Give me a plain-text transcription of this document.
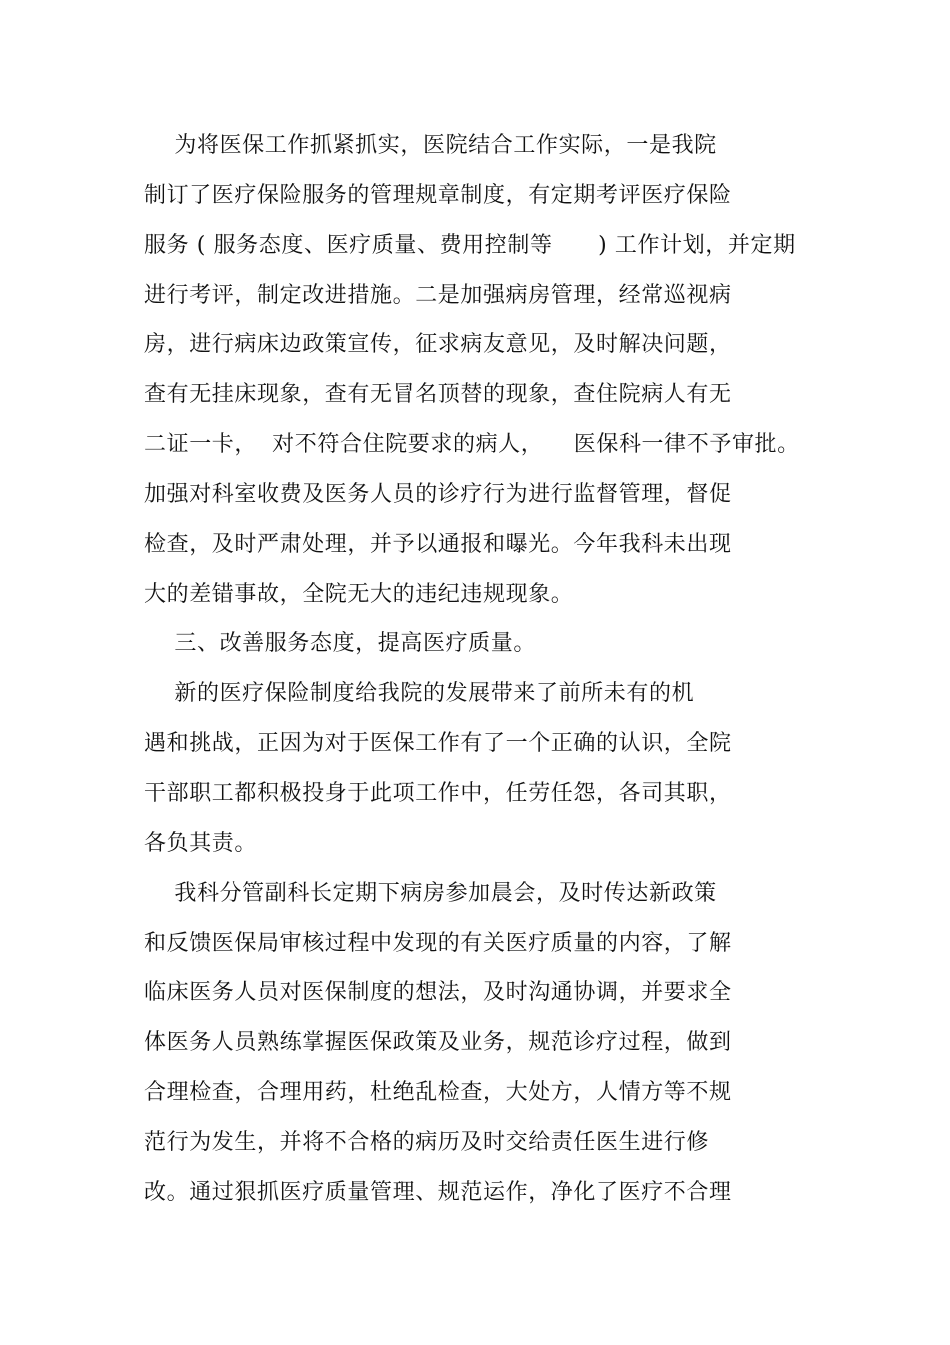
为将医保工作抓紧抓实，医院结合工作实际，一是我院
制订了医疗保险服务的管理规章制度，有定期考评医疗保险
服务 ( 服务态度、医疗质量、费用控制等      ) 工作计划，并定期
进行考评，制定改进措施。二是加强病房管理，经常巡视病
房，进行病床边政策宣传，征求病友意见，及时解决问题，
查有无挂床现象，查有无冒名顶替的现象，查住院病人有无
二证一卡，  对不符合住院要求的病人，    医保科一律不予审批。
加强对科室收费及医务人员的诊疗行为进行监督管理，督促
检查，及时严肃处理，并予以通报和曝光。今年我科未出现
大的差错事故，全院无大的违纪违规现象。
三、改善服务态度，提高医疗质量。
新的医疗保险制度给我院的发展带来了前所未有的机
遇和挑战，正因为对于医保工作有了一个正确的认识，全院
干部职工都积极投身于此项工作中，任劳任怨，各司其职，
各负其责。
我科分管副科长定期下病房参加晨会，及时传达新政策
和反馈医保局审核过程中发现的有关医疗质量的内容，了解
临床医务人员对医保制度的想法，及时沟通协调，并要求全
体医务人员熟练掌握医保政策及业务，规范诊疗过程，做到
合理检查，合理用药，杜绝乱检查，大处方，人情方等不规
范行为发生，并将不合格的病历及时交给责任医生进行修
改。通过狠抓医疗质量管理、规范运作，净化了医疗不合理
